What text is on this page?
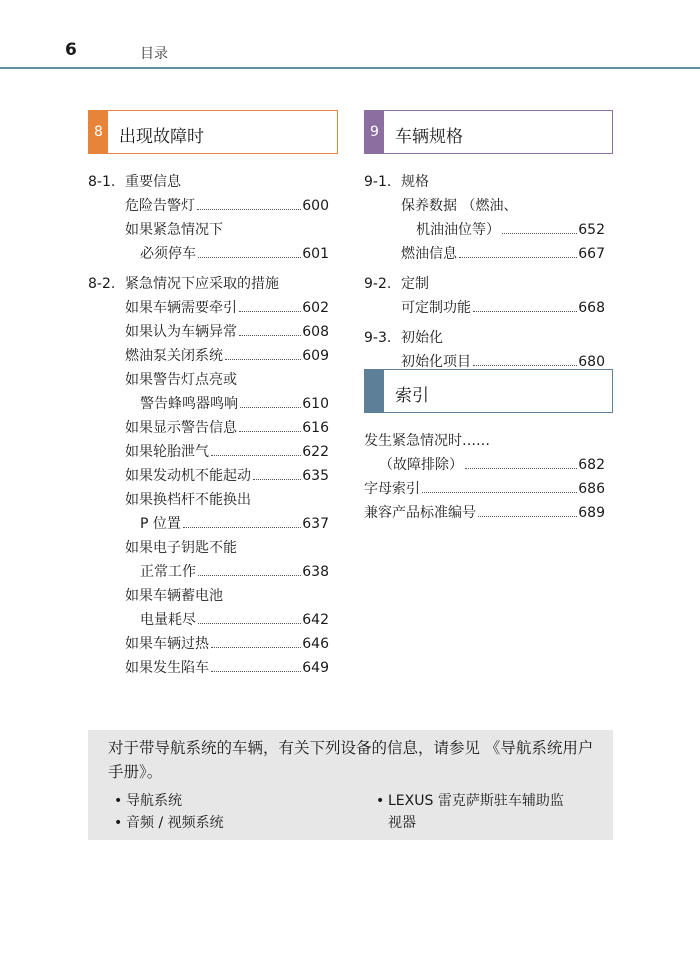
6	目录
8 出现故障时	9 车辆规格
索引
8-1. 重要信息
危险告警灯	600
如果紧急情况下
必须停车	601
8-2. 紧急情况下应采取的措施
如果车辆需要牵引	602
如果认为车辆异常	608
燃油泵关闭系统	609
如果警告灯点亮或
警告蜂鸣器鸣响	610
如果显示警告信息	616
如果轮胎泄气	622
如果发动机不能起动	635
如果换档杆不能换出
P 位置	637
如果电子钥匙不能
正常工作	638
如果车辆蓄电池
电量耗尽	642
如果车辆过热	646
如果发生陷车	649
9-1. 规格
保养数据 （燃油、
机油油位等）	652
燃油信息	667
9-2. 定制
可定制功能	668
9-3. 初始化
初始化项目	680
发生紧急情况时……
（故障排除）	682
字母索引	686
兼容产品标准编号	689
对于带导航系统的车辆，有关下列设备的信息，请参见 《导航系统用户手册》。
• 导航系统
• 音频 / 视频系统
• LEXUS 雷克萨斯驻车辅助监
视器
